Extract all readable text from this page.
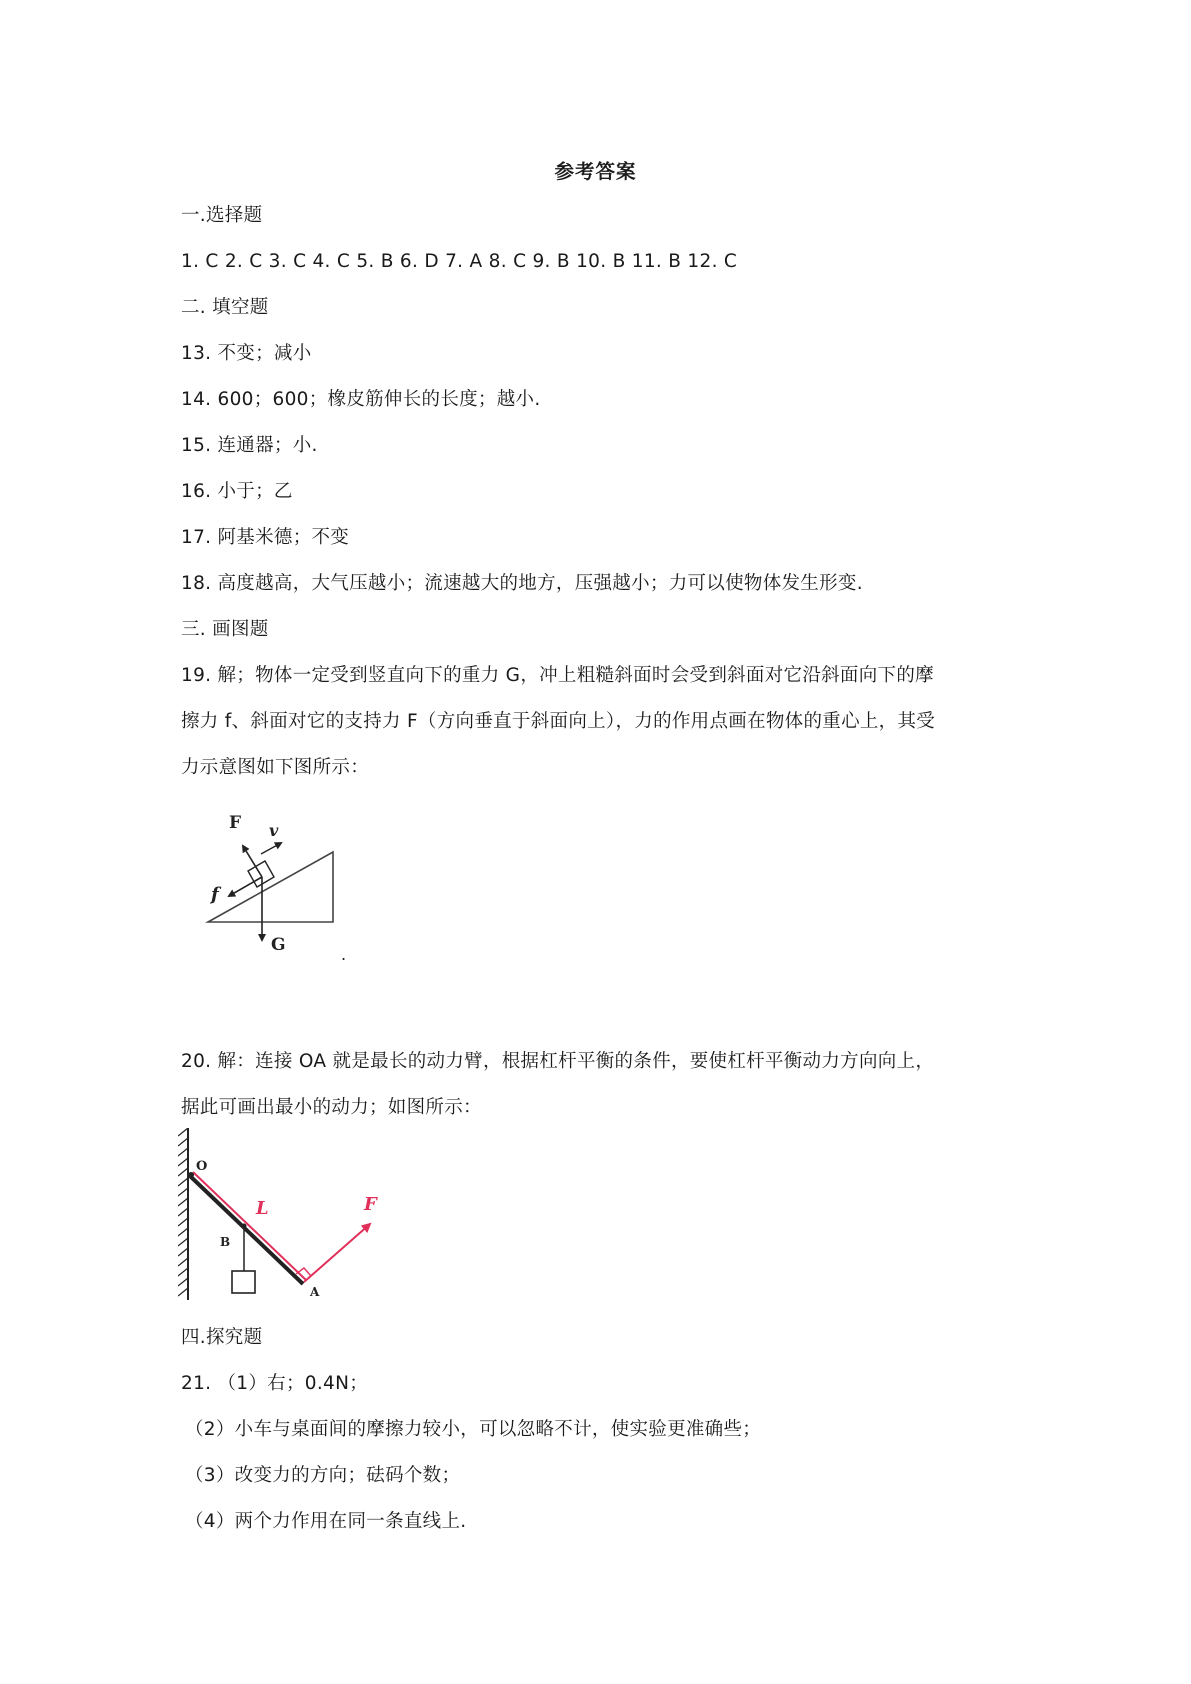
参考答案
一.选择题
1. C 2. C 3. C 4. C 5. B 6. D 7. A 8. C 9. B 10. B 11. B 12. C
二. 填空题
13. 不变；减小
14. 600；600；橡皮筋伸长的长度；越小.
15. 连通器；小.
16. 小于；乙
17. 阿基米德；不变
18. 高度越高，大气压越小；流速越大的地方，压强越小；力可以使物体发生形变.
三. 画图题
19. 解；物体一定受到竖直向下的重力 G，冲上粗糙斜面时会受到斜面对它沿斜面向下的摩
擦力 f、斜面对它的支持力 F（方向垂直于斜面向上），力的作用点画在物体的重心上，其受
力示意图如下图所示：
F v
f
G	.
20. 解：连接 OA 就是最长的动力臂，根据杠杆平衡的条件，要使杠杆平衡动力方向向上，
据此可画出最小的动力；如图所示：
O
L	F
B
A
四.探究题
21. （1）右；0.4N；
（2）小车与桌面间的摩擦力较小，可以忽略不计，使实验更准确些；
（3）改变力的方向；砝码个数；
（4）两个力作用在同一条直线上.
